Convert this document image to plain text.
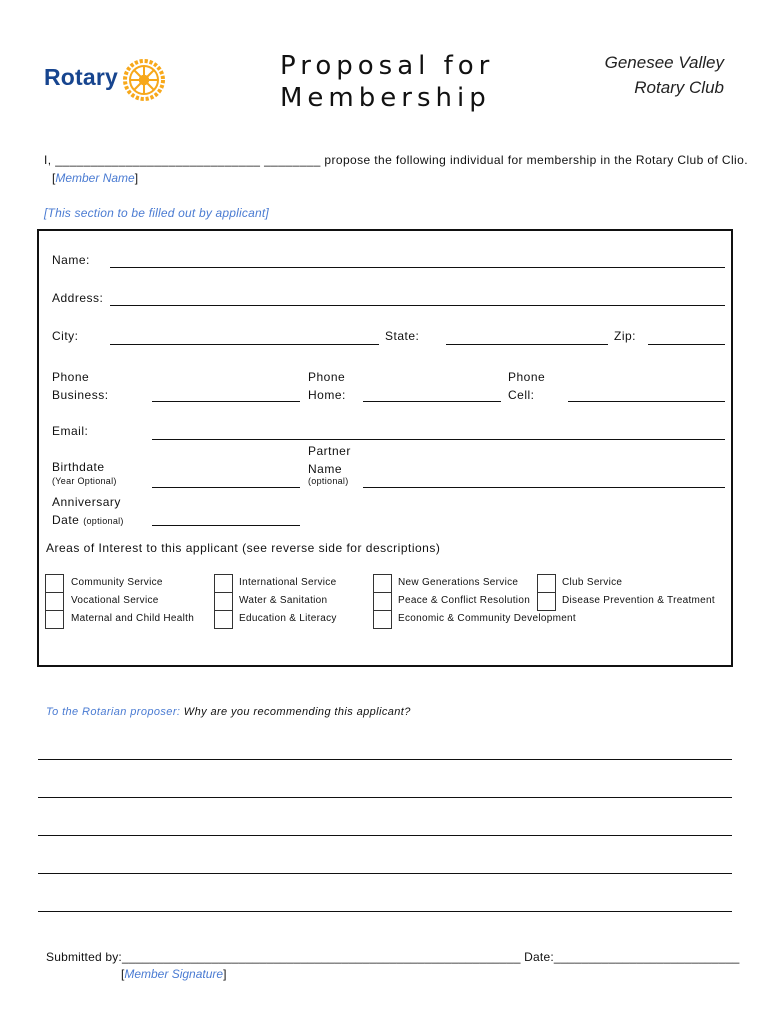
Rotary	Proposal for
Membership
Genesee Valley
Rotary Club
I, _____________________________ ________ propose the following individual for membership in the Rotary Club of Clio.
[Member Name]
[This section to be filled out by applicant]
Name:
Address:
City:	State:	Zip:
Phone
Business:
Phone
Home:
Phone
Cell:
Email:
Birthdate
(Year Optional)
Partner
Name
(optional)
Anniversary
Date (optional)
Areas of Interest to this applicant (see reverse side for descriptions)
Community Service
Vocational Service
Maternal and Child Health
International Service
Water & Sanitation
Education & Literacy
New Generations Service
Peace & Conflict Resolution
Economic & Community Development
Club Service
Disease Prevention & Treatment
To the Rotarian proposer: Why are you recommending this applicant?
Submitted by:__________________________________________________________ Date:___________________________
[Member Signature]
